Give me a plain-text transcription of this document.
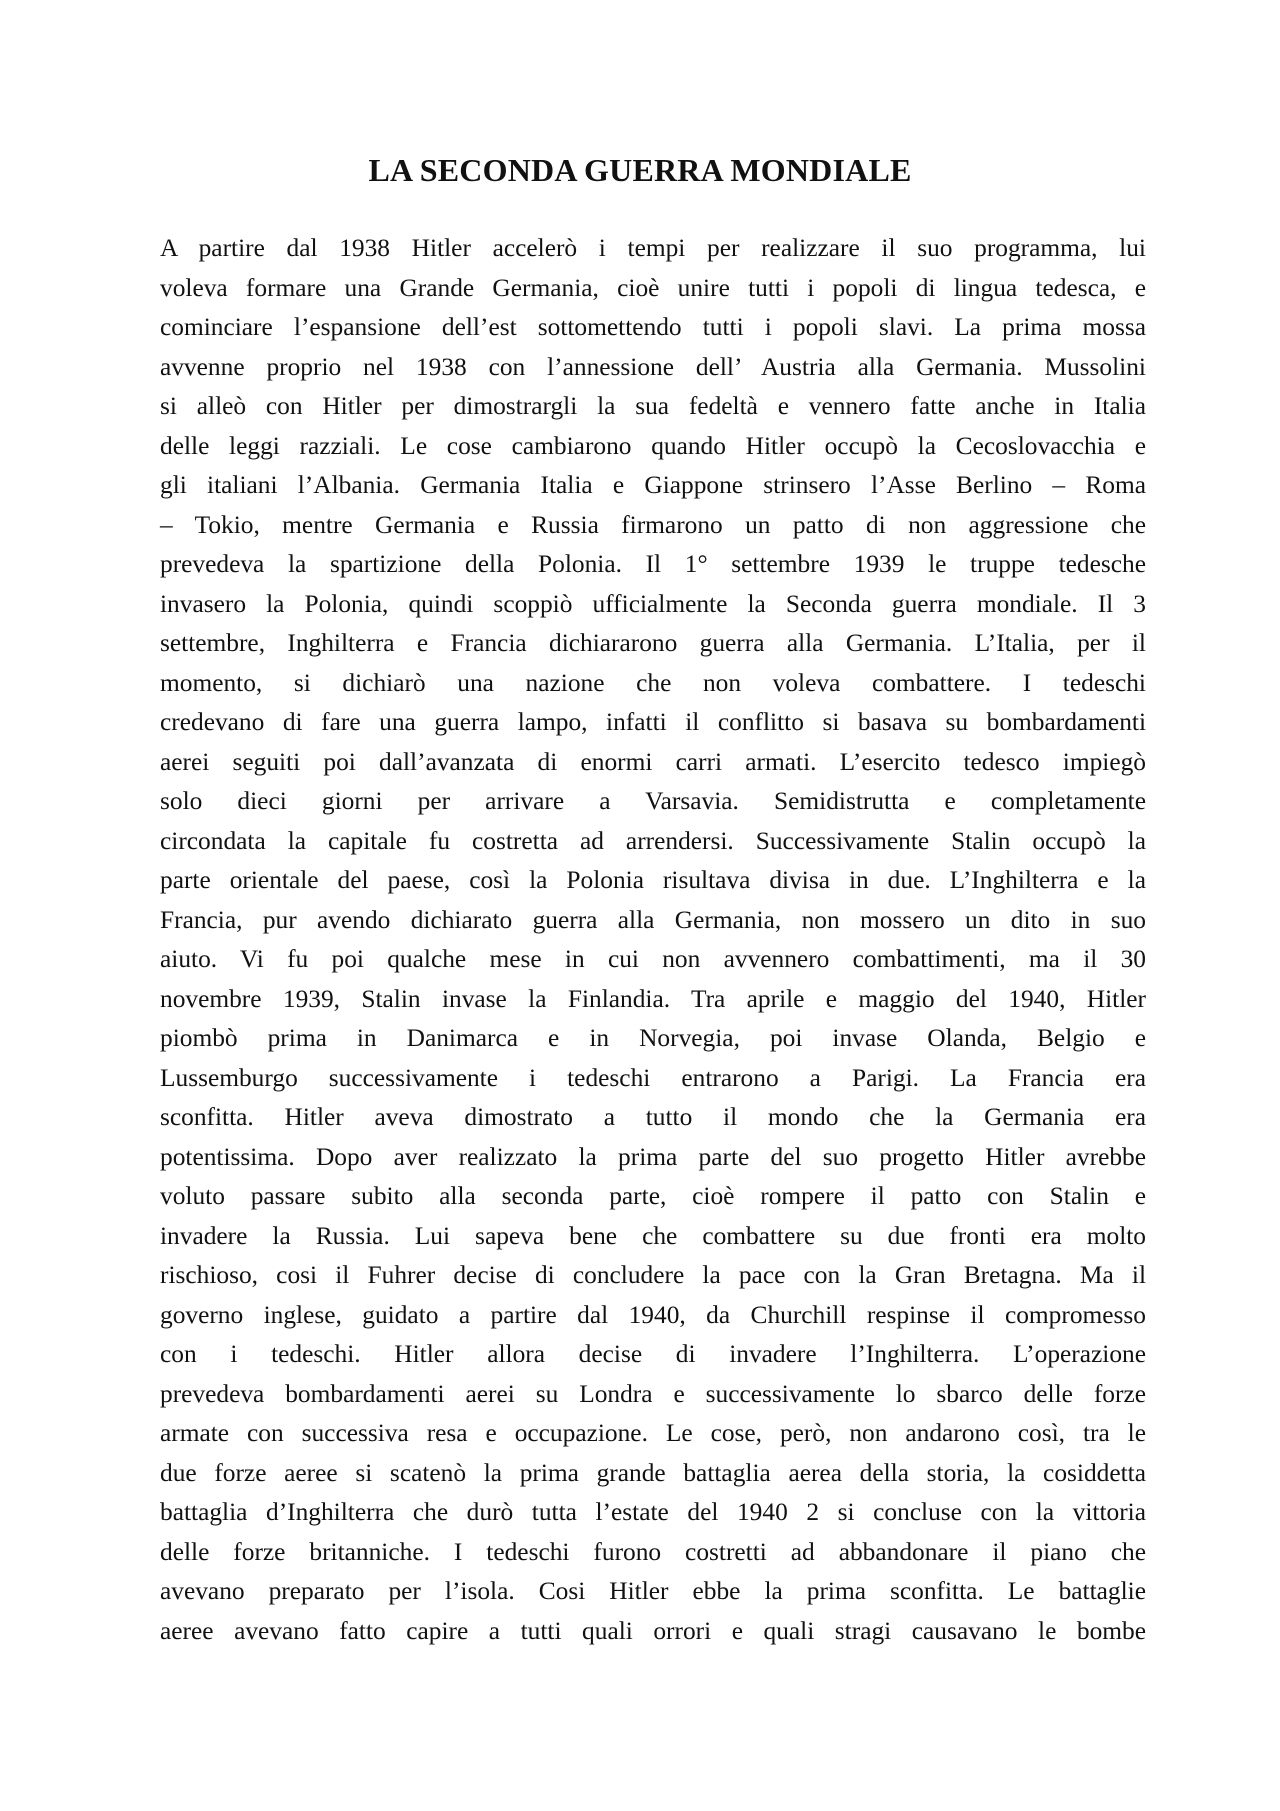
LA SECONDA GUERRA MONDIALE
A partire dal 1938 Hitler accelerò i tempi per realizzare il suo programma, lui
voleva formare una Grande Germania, cioè unire tutti i popoli di lingua tedesca, e
cominciare l’espansione dell’est sottomettendo tutti i popoli slavi. La prima mossa
avvenne proprio nel 1938 con l’annessione dell’ Austria alla Germania. Mussolini
si alleò con Hitler per dimostrargli la sua fedeltà e vennero fatte anche in Italia
delle leggi razziali. Le cose cambiarono quando Hitler occupò la Cecoslovacchia e
gli italiani l’Albania. Germania Italia e Giappone strinsero l’Asse Berlino – Roma
– Tokio, mentre Germania e Russia firmarono un patto di non aggressione che
prevedeva la spartizione della Polonia. Il 1° settembre 1939 le truppe tedesche
invasero la Polonia, quindi scoppiò ufficialmente la Seconda guerra mondiale. Il 3
settembre, Inghilterra e Francia dichiararono guerra alla Germania. L’Italia, per il
momento, si dichiarò una nazione che non voleva combattere. I tedeschi
credevano di fare una guerra lampo, infatti il conflitto si basava su bombardamenti
aerei seguiti poi dall’avanzata di enormi carri armati. L’esercito tedesco impiegò
solo dieci giorni per arrivare a Varsavia. Semidistrutta e completamente
circondata la capitale fu costretta ad arrendersi. Successivamente Stalin occupò la
parte orientale del paese, così la Polonia risultava divisa in due. L’Inghilterra e la
Francia, pur avendo dichiarato guerra alla Germania, non mossero un dito in suo
aiuto. Vi fu poi qualche mese in cui non avvennero combattimenti, ma il 30
novembre 1939, Stalin invase la Finlandia. Tra aprile e maggio del 1940, Hitler
piombò prima in Danimarca e in Norvegia, poi invase Olanda, Belgio e
Lussemburgo successivamente i tedeschi entrarono a Parigi. La Francia era
sconfitta. Hitler aveva dimostrato a tutto il mondo che la Germania era
potentissima. Dopo aver realizzato la prima parte del suo progetto Hitler avrebbe
voluto passare subito alla seconda parte, cioè rompere il patto con Stalin e
invadere la Russia. Lui sapeva bene che combattere su due fronti era molto
rischioso, cosi il Fuhrer decise di concludere la pace con la Gran Bretagna. Ma il
governo inglese, guidato a partire dal 1940, da Churchill respinse il compromesso
con i tedeschi. Hitler allora decise di invadere l’Inghilterra. L’operazione
prevedeva bombardamenti aerei su Londra e successivamente lo sbarco delle forze
armate con successiva resa e occupazione. Le cose, però, non andarono così, tra le
due forze aeree si scatenò la prima grande battaglia aerea della storia, la cosiddetta
battaglia d’Inghilterra che durò tutta l’estate del 1940 2 si concluse con la vittoria
delle forze britanniche. I tedeschi furono costretti ad abbandonare il piano che
avevano preparato per l’isola. Cosi Hitler ebbe la prima sconfitta. Le battaglie
aeree avevano fatto capire a tutti quali orrori e quali stragi causavano le bombe
